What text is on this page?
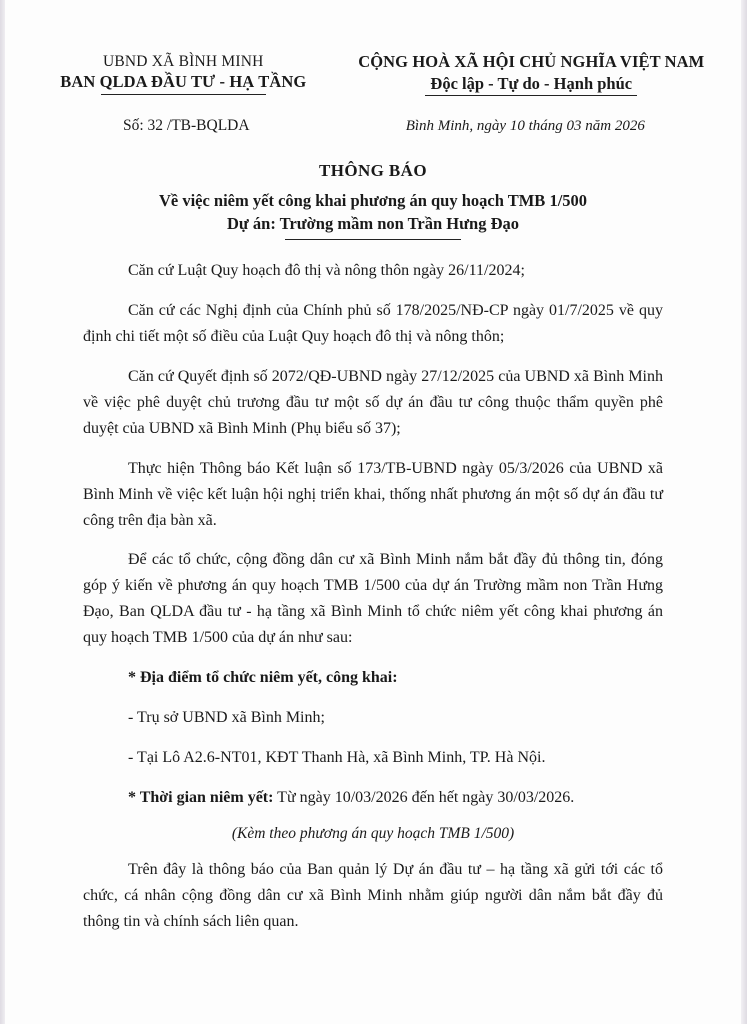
UBND XÃ BÌNH MINH
BAN QLDA ĐẦU TƯ - HẠ TẦNG
Số: 32 /TB-BQLDA
CỘNG HOÀ XÃ HỘI CHỦ NGHĨA VIỆT NAM
Độc lập - Tự do - Hạnh phúc
Bình Minh, ngày 10 tháng 03 năm 2026
THÔNG BÁO
Về việc niêm yết công khai phương án quy hoạch TMB 1/500
Dự án: Trường mầm non Trần Hưng Đạo

Căn cứ Luật Quy hoạch đô thị và nông thôn ngày 26/11/2024;

Căn cứ các Nghị định của Chính phủ số 178/2025/NĐ-CP ngày 01/7/2025 về quy định chi tiết một số điều của Luật Quy hoạch đô thị và nông thôn;

Căn cứ Quyết định số 2072/QĐ-UBND ngày 27/12/2025 của UBND xã Bình Minh về việc phê duyệt chủ trương đầu tư một số dự án đầu tư công thuộc thẩm quyền phê duyệt của UBND xã Bình Minh (Phụ biểu số 37);

Thực hiện Thông báo Kết luận số 173/TB-UBND ngày 05/3/2026 của UBND xã Bình Minh về việc kết luận hội nghị triển khai, thống nhất phương án một số dự án đầu tư công trên địa bàn xã.

Để các tổ chức, cộng đồng dân cư xã Bình Minh nắm bắt đầy đủ thông tin, đóng góp ý kiến về phương án quy hoạch TMB 1/500 của dự án Trường mầm non Trần Hưng Đạo, Ban QLDA đầu tư - hạ tầng xã Bình Minh tổ chức niêm yết công khai phương án quy hoạch TMB 1/500 của dự án như sau:

* Địa điểm tổ chức niêm yết, công khai:

- Trụ sở UBND xã Bình Minh;

- Tại Lô A2.6-NT01, KĐT Thanh Hà, xã Bình Minh, TP. Hà Nội.

* Thời gian niêm yết: Từ ngày 10/03/2026 đến hết ngày 30/03/2026.

(Kèm theo phương án quy hoạch TMB 1/500)

Trên đây là thông báo của Ban quản lý Dự án đầu tư – hạ tầng xã gửi tới các tổ chức, cá nhân cộng đồng dân cư xã Bình Minh nhằm giúp người dân nắm bắt đầy đủ thông tin và chính sách liên quan.
